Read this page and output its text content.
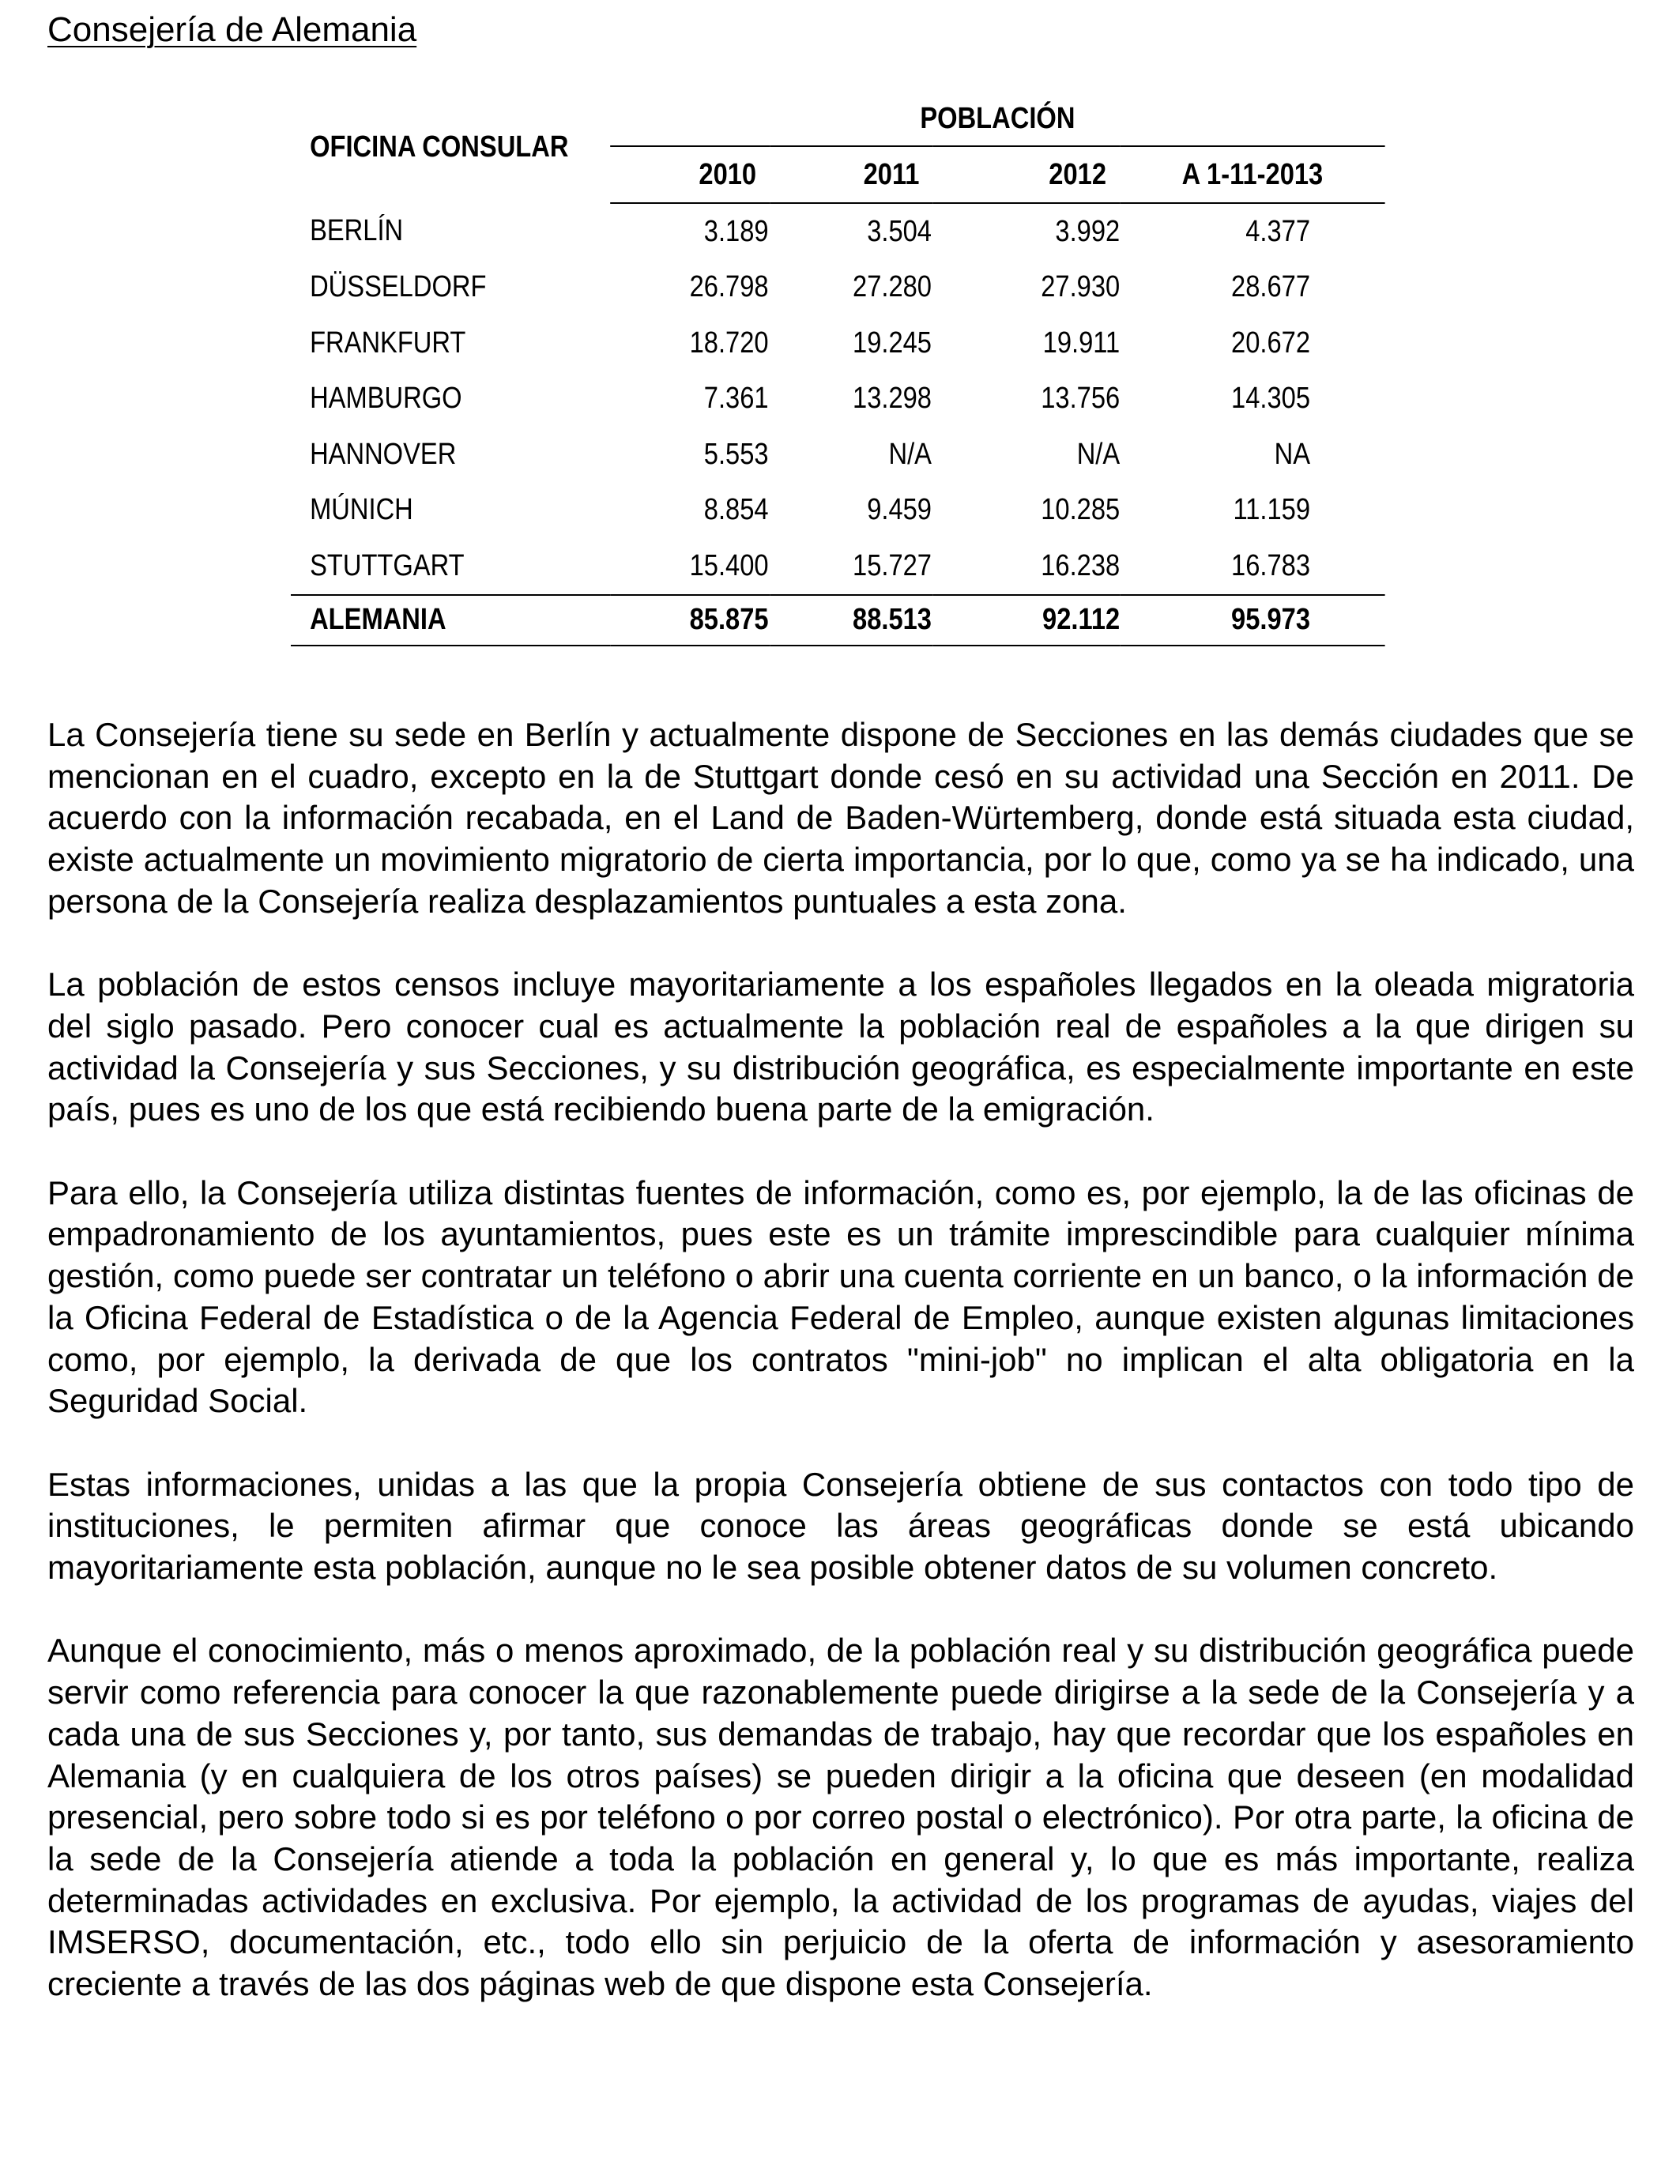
Consejería de Alemania
OFICINA CONSULAR	POBLACIÓN			
	2010	2011	2012	A 1-11-2013
BERLÍN	3.189	3.504	3.992	4.377
DÜSSELDORF	26.798	27.280	27.930	28.677
FRANKFURT	18.720	19.245	19.911	20.672
HAMBURGO	7.361	13.298	13.756	14.305
HANNOVER	5.553	N/A	N/A	NA
MÚNICH	8.854	9.459	10.285	11.159
STUTTGART	15.400	15.727	16.238	16.783
ALEMANIA	85.875	88.513	92.112	95.973

La Consejería tiene su sede en Berlín y actualmente dispone de Secciones en las demás ciudades que se mencionan en el cuadro, excepto en la de Stuttgart donde cesó en su actividad una Sección en 2011. De acuerdo con la información recabada, en el Land de Baden-Würtemberg, donde está situada esta ciudad, existe actualmente un movimiento migratorio de cierta importancia, por lo que, como ya se ha indicado, una persona de la Consejería realiza desplazamientos puntuales a esta zona.

La población de estos censos incluye mayoritariamente a los españoles llegados en la oleada migratoria del siglo pasado. Pero conocer cual es actualmente la población real de españoles a la que dirigen su actividad la Consejería y sus Secciones, y su distribución geográfica, es especialmente importante en este país, pues es uno de los que está recibiendo buena parte de la emigración.

Para ello, la Consejería utiliza distintas fuentes de información, como es, por ejemplo, la de las oficinas de empadronamiento de los ayuntamientos, pues este es un trámite imprescindible para cualquier mínima gestión, como puede ser contratar un teléfono o abrir una cuenta corriente en un banco, o la información de la Oficina Federal de Estadística o de la Agencia Federal de Empleo, aunque existen algunas limitaciones como, por ejemplo, la derivada de que los contratos "mini-job" no implican el alta obligatoria en la Seguridad Social.

Estas informaciones, unidas a las que la propia Consejería obtiene de sus contactos con todo tipo de instituciones, le permiten afirmar que conoce las áreas geográficas donde se está ubicando mayoritariamente esta población, aunque no le sea posible obtener datos de su volumen concreto.

Aunque el conocimiento, más o menos aproximado, de la población real y su distribución geográfica puede servir como referencia para conocer la que razonablemente puede dirigirse a la sede de la Consejería y a cada una de sus Secciones y, por tanto, sus demandas de trabajo, hay que recordar que los españoles en Alemania (y en cualquiera de los otros países) se pueden dirigir a la oficina que deseen (en modalidad presencial, pero sobre todo si es por teléfono o por correo postal o electrónico). Por otra parte, la oficina de la sede de la Consejería atiende a toda la población en general y, lo que es más importante, realiza determinadas actividades en exclusiva. Por ejemplo, la actividad de los programas de ayudas, viajes del IMSERSO, documentación, etc., todo ello sin perjuicio de la oferta de información y asesoramiento creciente a través de las dos páginas web de que dispone esta Consejería.
